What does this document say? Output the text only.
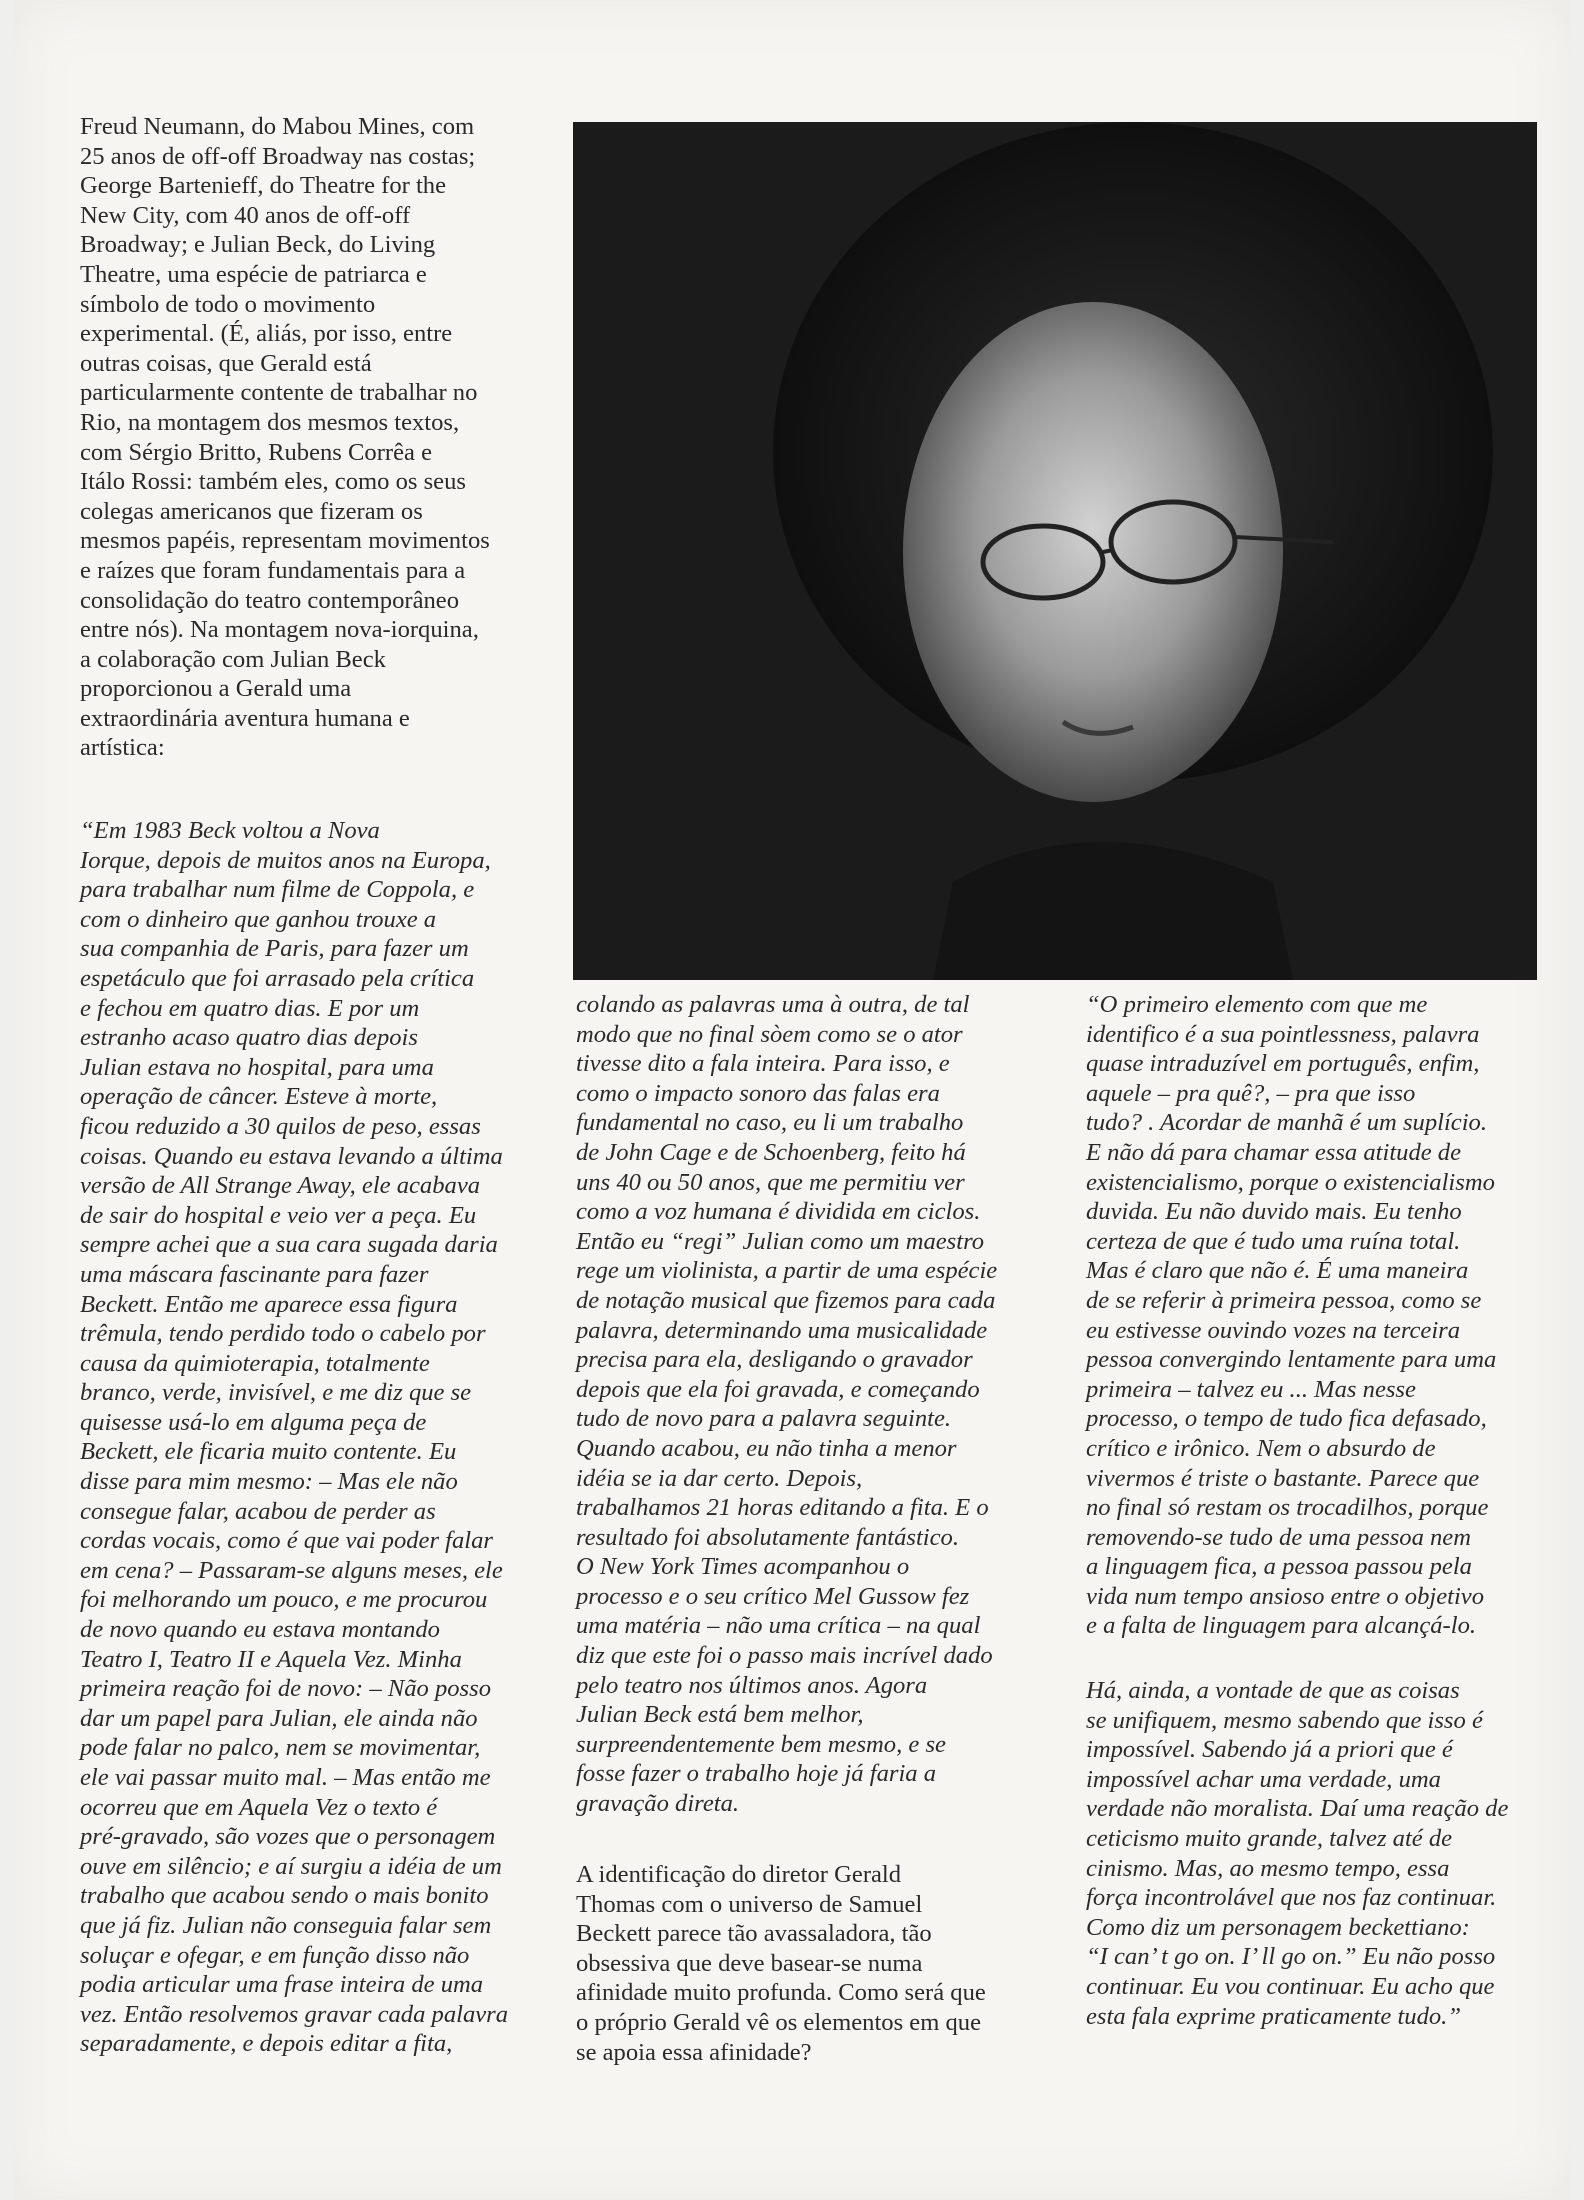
Freud Neumann, do Mabou Mines, com
25 anos de off-off Broadway nas costas;
George Bartenieff, do Theatre for the
New City, com 40 anos de off-off
Broadway; e Julian Beck, do Living
Theatre, uma espécie de patriarca e
símbolo de todo o movimento
experimental. (É, aliás, por isso, entre
outras coisas, que Gerald está
particularmente contente de trabalhar no
Rio, na montagem dos mesmos textos,
com Sérgio Britto, Rubens Corrêa e
Itálo Rossi: também eles, como os seus
colegas americanos que fizeram os
mesmos papéis, representam movimentos
e raízes que foram fundamentais para a
consolidação do teatro contemporâneo
entre nós). Na montagem nova-iorquina,
a colaboração com Julian Beck
proporcionou a Gerald uma
extraordinária aventura humana e
artística:

“Em 1983 Beck voltou a Nova
Iorque, depois de muitos anos na Europa,
para trabalhar num filme de Coppola, e
com o dinheiro que ganhou trouxe a
sua companhia de Paris, para fazer um
espetáculo que foi arrasado pela crítica
e fechou em quatro dias. E por um
estranho acaso quatro dias depois
Julian estava no hospital, para uma
operação de câncer. Esteve à morte,
ficou reduzido a 30 quilos de peso, essas
coisas. Quando eu estava levando a última
versão de All Strange Away, ele acabava
de sair do hospital e veio ver a peça. Eu
sempre achei que a sua cara sugada daria
uma máscara fascinante para fazer
Beckett. Então me aparece essa figura
trêmula, tendo perdido todo o cabelo por
causa da quimioterapia, totalmente
branco, verde, invisível, e me diz que se
quisesse usá-lo em alguma peça de
Beckett, ele ficaria muito contente. Eu
disse para mim mesmo: – Mas ele não
consegue falar, acabou de perder as
cordas vocais, como é que vai poder falar
em cena? – Passaram-se alguns meses, ele
foi melhorando um pouco, e me procurou
de novo quando eu estava montando
Teatro I, Teatro II e Aquela Vez. Minha
primeira reação foi de novo: – Não posso
dar um papel para Julian, ele ainda não
pode falar no palco, nem se movimentar,
ele vai passar muito mal. – Mas então me
ocorreu que em Aquela Vez o texto é
pré-gravado, são vozes que o personagem
ouve em silêncio; e aí surgiu a idéia de um
trabalho que acabou sendo o mais bonito
que já fiz. Julian não conseguia falar sem
soluçar e ofegar, e em função disso não
podia articular uma frase inteira de uma
vez. Então resolvemos gravar cada palavra
separadamente, e depois editar a fita,

colando as palavras uma à outra, de tal
modo que no final sòem como se o ator
tivesse dito a fala inteira. Para isso, e
como o impacto sonoro das falas era
fundamental no caso, eu li um trabalho
de John Cage e de Schoenberg, feito há
uns 40 ou 50 anos, que me permitiu ver
como a voz humana é dividida em ciclos.
Então eu “regi” Julian como um maestro
rege um violinista, a partir de uma espécie
de notação musical que fizemos para cada
palavra, determinando uma musicalidade
precisa para ela, desligando o gravador
depois que ela foi gravada, e começando
tudo de novo para a palavra seguinte.
Quando acabou, eu não tinha a menor
idéia se ia dar certo. Depois,
trabalhamos 21 horas editando a fita. E o
resultado foi absolutamente fantástico.
O New York Times acompanhou o
processo e o seu crítico Mel Gussow fez
uma matéria – não uma crítica – na qual
diz que este foi o passo mais incrível dado
pelo teatro nos últimos anos. Agora
Julian Beck está bem melhor,
surpreendentemente bem mesmo, e se
fosse fazer o trabalho hoje já faria a
gravação direta.

A identificação do diretor Gerald
Thomas com o universo de Samuel
Beckett parece tão avassaladora, tão
obsessiva que deve basear-se numa
afinidade muito profunda. Como será que
o próprio Gerald vê os elementos em que
se apoia essa afinidade?

“O primeiro elemento com que me
identifico é a sua pointlessness, palavra
quase intraduzível em português, enfim,
aquele – pra quê?, – pra que isso
tudo? . Acordar de manhã é um suplício.
E não dá para chamar essa atitude de
existencialismo, porque o existencialismo
duvida. Eu não duvido mais. Eu tenho
certeza de que é tudo uma ruína total.
Mas é claro que não é. É uma maneira
de se referir à primeira pessoa, como se
eu estivesse ouvindo vozes na terceira
pessoa convergindo lentamente para uma
primeira – talvez eu ... Mas nesse
processo, o tempo de tudo fica defasado,
crítico e irônico. Nem o absurdo de
vivermos é triste o bastante. Parece que
no final só restam os trocadilhos, porque
removendo-se tudo de uma pessoa nem
a linguagem fica, a pessoa passou pela
vida num tempo ansioso entre o objetivo
e a falta de linguagem para alcançá-lo.

Há, ainda, a vontade de que as coisas
se unifiquem, mesmo sabendo que isso é
impossível. Sabendo já a priori que é
impossível achar uma verdade, uma
verdade não moralista. Daí uma reação de
ceticismo muito grande, talvez até de
cinismo. Mas, ao mesmo tempo, essa
força incontrolável que nos faz continuar.
Como diz um personagem beckettiano:
“I can’ t go on. I’ ll go on.” Eu não posso
continuar. Eu vou continuar. Eu acho que
esta fala exprime praticamente tudo.”
